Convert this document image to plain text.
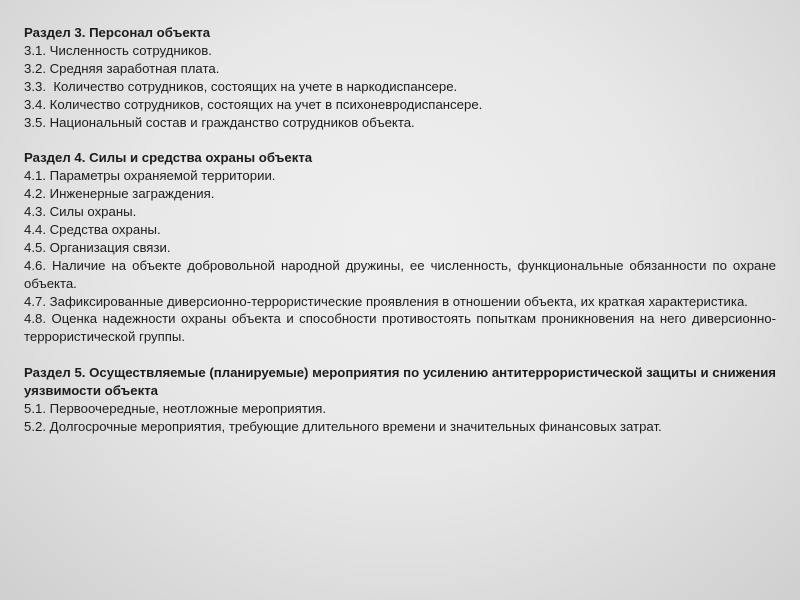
Раздел 3. Персонал объекта
3.1. Численность сотрудников.
3.2. Средняя заработная плата.
3.3.  Количество сотрудников, состоящих на учете в наркодиспансере.
3.4. Количество сотрудников, состоящих на учет в психоневродиспансере.
3.5. Национальный состав и гражданство сотрудников объекта.
Раздел 4. Силы и средства охраны объекта
4.1. Параметры охраняемой территории.
4.2. Инженерные заграждения.
4.3. Силы охраны.
4.4. Средства охраны.
4.5. Организация связи.
4.6. Наличие на объекте добровольной народной дружины, ее численность, функциональные обязанности по охране объекта.
4.7. Зафиксированные диверсионно-террористические проявления в отношении объекта, их краткая характеристика.
4.8. Оценка надежности охраны объекта и способности противостоять попыткам проникновения на него диверсионно-террористической группы.
Раздел 5. Осуществляемые (планируемые) мероприятия по усилению антитеррористической защиты и снижения уязвимости объекта
5.1. Первоочередные, неотложные мероприятия.
5.2. Долгосрочные мероприятия, требующие длительного времени и значительных финансовых затрат.
